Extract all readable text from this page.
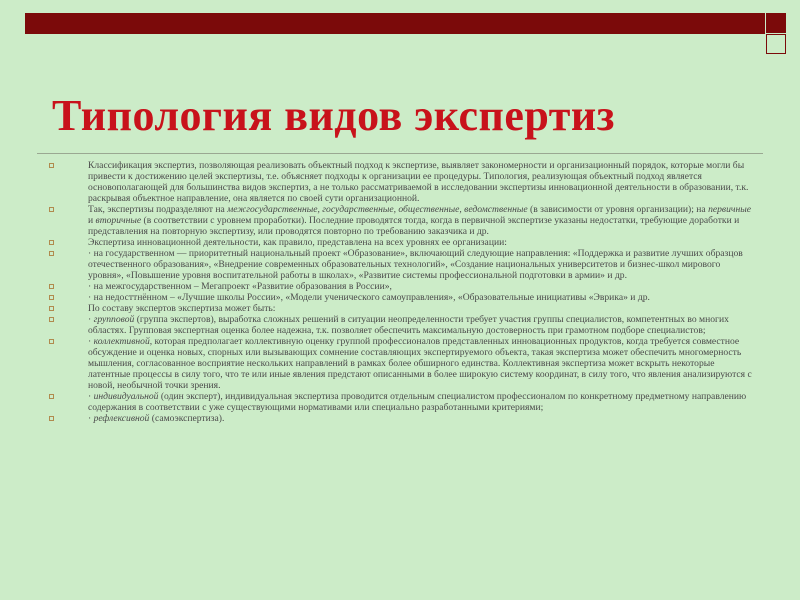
Типология видов экспертиз
Классификация экспертиз, позволяющая реализовать объектный подход к экспертизе, выявляет закономерности и организационный порядок, которые могли бы привести к достижению целей экспертизы, т.е. объясняет подходы к организации ее процедуры. Типология, реализующая объектный подход является основополагающей для большинства видов экспертиз, а не только рассматриваемой в исследовании экспертизы инновационной деятельности в образовании, т.к. раскрывая объектное направление, она является по своей сути организационной.
Так, экспертизы подразделяют на межгосударственные, государственные, общественные, ведомственные (в зависимости от уровня организации); на первичные и вторичные (в соответствии с уровнем проработки). Последние проводятся тогда, когда в первичной экспертизе указаны недостатки, требующие доработки и представления на повторную экспертизу, или проводятся повторно по требованию заказчика и др.
Экспертиза инновационной деятельности, как правило, представлена на всех уровнях ее организации:
· на государственном — приоритетный национальный проект «Образование», включающий следующие направления: «Поддержка и развитие лучших образцов отечественного образования», «Внедрение современных образовательных технологий», «Создание национальных университетов и бизнес-школ мирового уровня», «Повышение уровня воспитательной работы в школах», «Развитие системы профессиональной подготовки в армии» и др.
· на межгосударственном – Мегапроект «Развитие образования в России»,
· на недосттнённом – «Лучшие школы России», «Модели ученического самоуправления», «Образовательные инициативы «Эврика» и др.
По составу экспертов экспертиза может быть:
· групповой (группа экспертов), выработка сложных решений в ситуации неопределенности требует участия группы специалистов, компетентных во многих областях. Групповая экспертная оценка более надежна, т.к. позволяет обеспечить максимальную достоверность при грамотном подборе специалистов;
· коллективной, которая предполагает коллективную оценку группой профессионалов представленных инновационных продуктов, когда требуется совместное обсуждение и оценка новых, спорных или вызывающих сомнение составляющих экспертируемого объекта, такая экспертиза может обеспечить многомерность мышления, согласованное восприятие нескольких направлений в рамках более обширного единства. Коллективная экспертиза может вскрыть некоторые латентные процессы в силу того, что те или иные явления предстают описанными в более широкую систему координат, в силу того, что явления анализируются с новой, необычной точки зрения.
· индивидуальной (один эксперт), индивидуальная экспертиза проводится отдельным специалистом профессионалом по конкретному предметному направлению содержания в соответствии с уже существующими нормативами или специально разработанными критериями;
· рефлексивной (самоэкспертиза).
